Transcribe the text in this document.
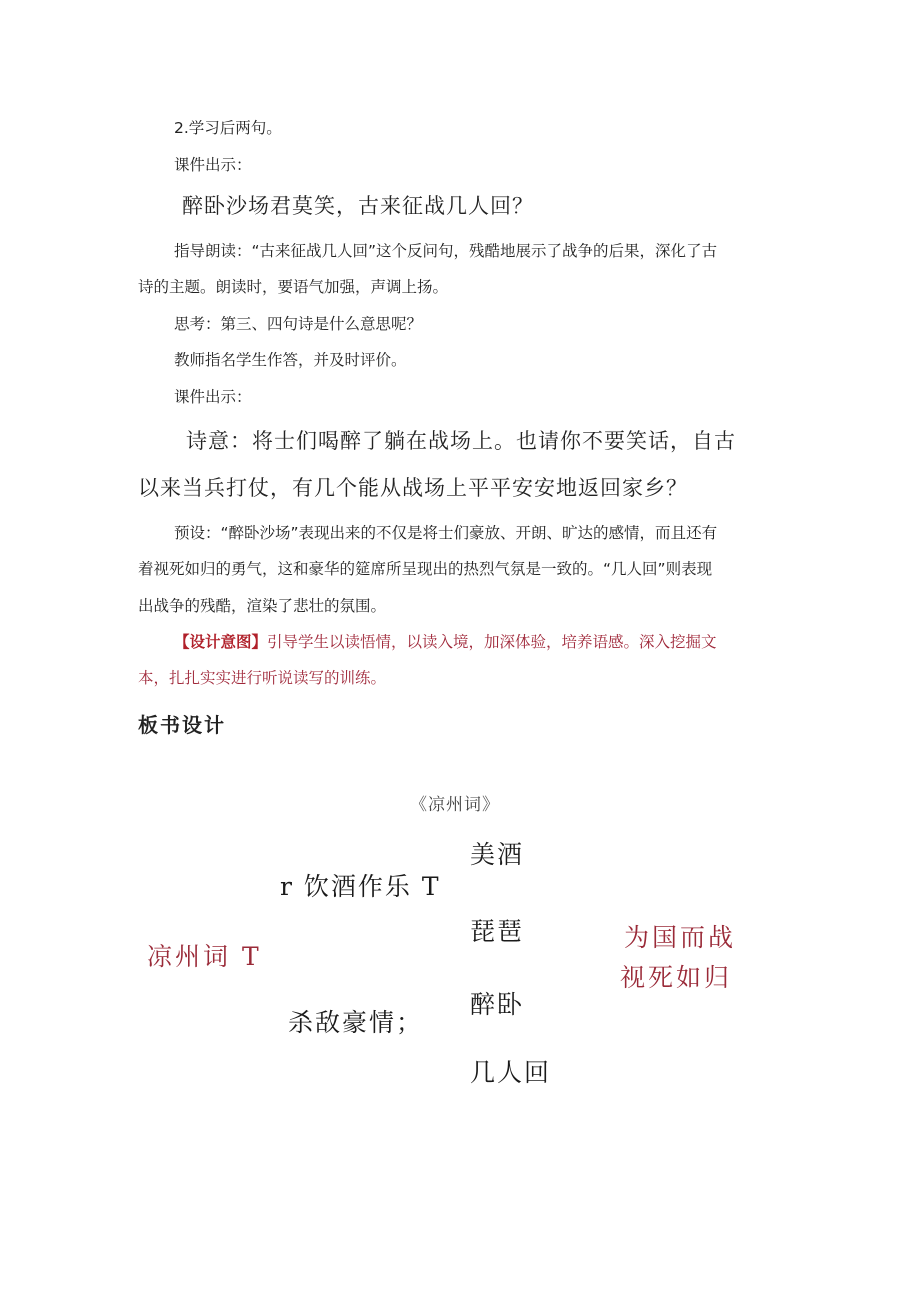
2.学习后两句。
课件出示：
醉卧沙场君莫笑，古来征战几人回？
指导朗读：“古来征战几人回”这个反问句，残酷地展示了战争的后果，深化了古
诗的主题。朗读时，要语气加强，声调上扬。
思考：第三、四句诗是什么意思呢？
教师指名学生作答，并及时评价。
课件出示：
诗意：将士们喝醉了躺在战场上。也请你不要笑话，自古
以来当兵打仗，有几个能从战场上平平安安地返回家乡？
预设：“醉卧沙场”表现出来的不仅是将士们豪放、开朗、旷达的感情，而且还有
着视死如归的勇气，这和豪华的筵席所呈现出的热烈气氛是一致的。“几人回”则表现
出战争的残酷，渲染了悲壮的氛围。
【设计意图】引导学生以读悟情，以读入境，加深体验，培养语感。深入挖掘文
本，扎扎实实进行听说读写的训练。
板书设计
《凉州词》
美酒
r 饮酒作乐 T
琵琶
凉州词 T
醉卧
杀敌豪情；
几人回
为国而战
视死如归
